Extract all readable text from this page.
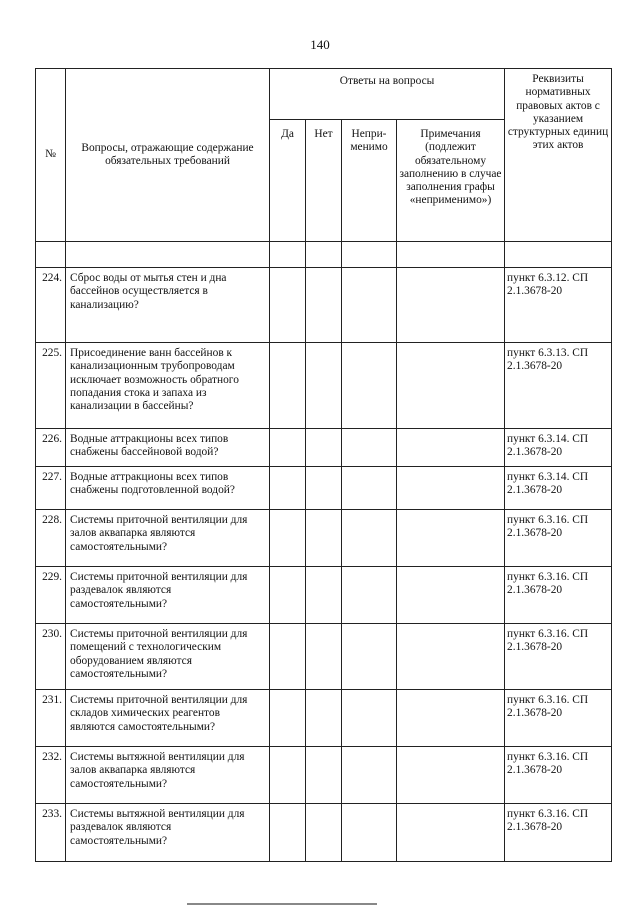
140
№	Вопросы, отражающие содержание обязательных требований	Ответы на вопросы				Реквизиты нормативных правовых актов с указанием структурных единиц этих актов
		Да	Нет	Непри-
менимо	Примечания (подлежит обязательному заполнению в случае заполнения графы «неприменимо»)	

224.	Сброс воды от мытья стен и дна бассейнов осуществляется в канализацию?					пункт 6.3.12. СП 2.1.3678-20
225.	Присоединение ванн бассейнов к канализационным трубопроводам исключает возможность обратного попадания стока и запаха из канализации в бассейны?					пункт 6.3.13. СП 2.1.3678-20
226.	Водные аттракционы всех типов снабжены бассейновой водой?					пункт 6.3.14. СП 2.1.3678-20
227.	Водные аттракционы всех типов снабжены подготовленной водой?					пункт 6.3.14. СП 2.1.3678-20
228.	Системы приточной вентиляции для залов аквапарка являются самостоятельными?					пункт 6.3.16. СП 2.1.3678-20
229.	Системы приточной вентиляции для раздевалок являются самостоятельными?					пункт 6.3.16. СП 2.1.3678-20
230.	Системы приточной вентиляции для помещений с технологическим оборудованием являются самостоятельными?					пункт 6.3.16. СП 2.1.3678-20
231.	Системы приточной вентиляции для складов химических реагентов являются самостоятельными?					пункт 6.3.16. СП 2.1.3678-20
232.	Системы вытяжной вентиляции для залов аквапарка являются самостоятельными?					пункт 6.3.16. СП 2.1.3678-20
233.	Системы вытяжной вентиляции для раздевалок являются самостоятельными?					пункт 6.3.16. СП 2.1.3678-20
